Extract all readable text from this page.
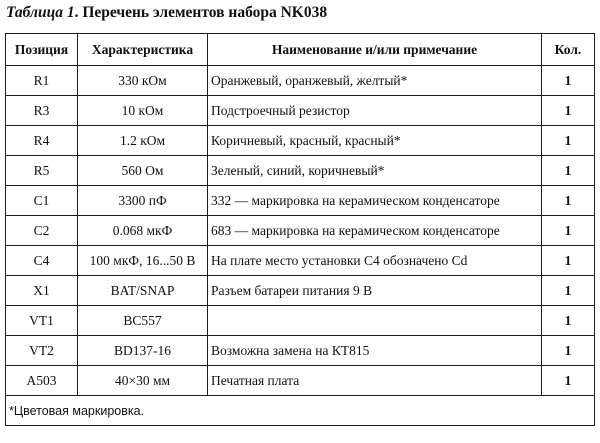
Таблица 1. Перечень элементов набора NK038
Позиция	Характеристика	Наименование и/или примечание	Кол.
R1	330 кОм	Оранжевый, оранжевый, желтый*	1
R3	10 кОм	Подстроечный резистор	1
R4	1.2 кОм	Коричневый, красный, красный*	1
R5	560 Ом	Зеленый, синий, коричневый*	1
C1	3300 пФ	332 — маркировка на керамическом конденсаторе	1
C2	0.068 мкФ	683 — маркировка на керамическом конденсаторе	1
C4	100 мкФ, 16...50 В	На плате место установки C4 обозначено Cd	1
X1	BAT/SNAP	Разъем батареи питания 9 В	1
VT1	BC557		1
VT2	BD137-16	Возможна замена на КТ815	1
A503	40×30 мм	Печатная плата	1
*Цветовая маркировка.			
